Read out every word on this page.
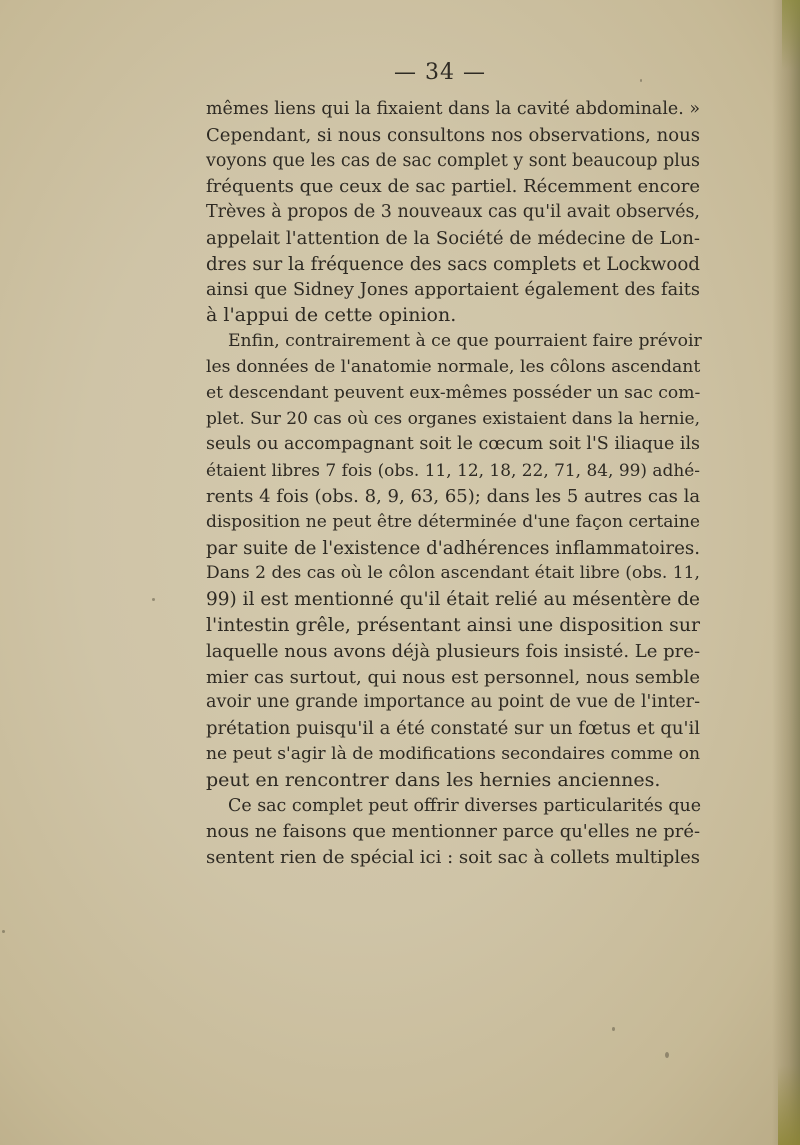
— 34 —
mêmes liens qui la fixaient dans la cavité abdominale. »
Cependant, si nous consultons nos observations, nous
voyons que les cas de sac complet y sont beaucoup plus
fréquents que ceux de sac partiel. Récemment encore
Trèves à propos de 3 nouveaux cas qu'il avait observés,
appelait l'attention de la Société de médecine de Lon-
dres sur la fréquence des sacs complets et Lockwood
ainsi que Sidney Jones apportaient également des faits
à l'appui de cette opinion.
Enfin, contrairement à ce que pourraient faire prévoir
les données de l'anatomie normale, les côlons ascendant
et descendant peuvent eux-mêmes posséder un sac com-
plet. Sur 20 cas où ces organes existaient dans la hernie,
seuls ou accompagnant soit le cœcum soit l'S iliaque ils
étaient libres 7 fois (obs. 11, 12, 18, 22, 71, 84, 99) adhé-
rents 4 fois (obs. 8, 9, 63, 65); dans les 5 autres cas la
disposition ne peut être déterminée d'une façon certaine
par suite de l'existence d'adhérences inflammatoires.
Dans 2 des cas où le côlon ascendant était libre (obs. 11,
99) il est mentionné qu'il était relié au mésentère de
l'intestin grêle, présentant ainsi une disposition sur
laquelle nous avons déjà plusieurs fois insisté. Le pre-
mier cas surtout, qui nous est personnel, nous semble
avoir une grande importance au point de vue de l'inter-
prétation puisqu'il a été constaté sur un fœtus et qu'il
ne peut s'agir là de modifications secondaires comme on
peut en rencontrer dans les hernies anciennes.
Ce sac complet peut offrir diverses particularités que
nous ne faisons que mentionner parce qu'elles ne pré-
sentent rien de spécial ici : soit sac à collets multiples
